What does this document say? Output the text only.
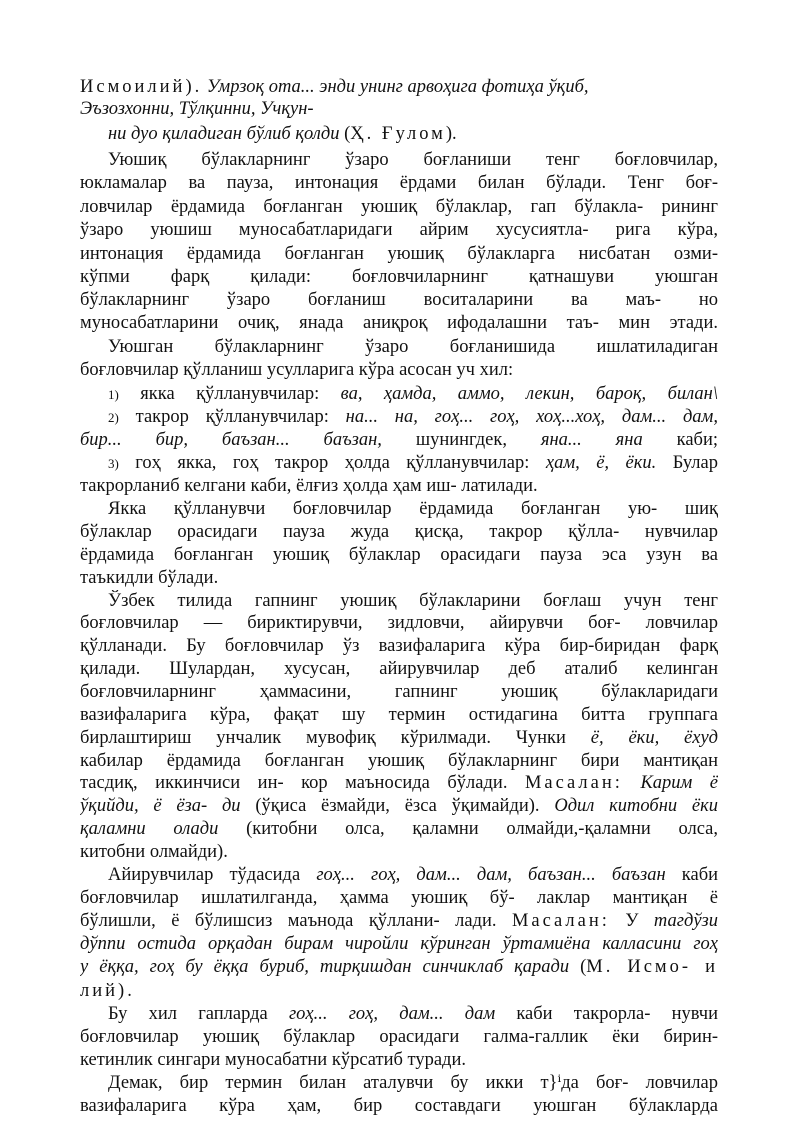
Исмоилий). Умрзоқ ота... энди унинг арвоҳига фотиҳа ўқиб,
Эъзозхонни, Тўлқинни, Учқун-
ни дуо қиладиган бўлиб қолди (Ҳ. Ғулом).
Уюшиқ бўлакларнинг ўзаро боғланиши тенг боғловчилар,
юкламалар ва пауза, интонация ёрдами билан бўлади. Тенг боғ-
ловчилар ёрдамида боғланган уюшиқ бўлаклар, гап бўлакла- рининг
ўзаро уюшиш муносабатларидаги айрим хусусиятла- рига кўра,
интонация ёрдамида боғланган уюшиқ бўлакларга нисбатан озми-
кўпми фарқ қилади: боғловчиларнинг қатнашуви уюшган
бўлакларнинг ўзаро боғланиш воситаларини ва маъ- но
муносабатларини очиқ, янада аниқроқ ифодалашни таъ- мин этади.
Уюшган бўлакларнинг ўзаро боғланишида ишлатиладиган
боғловчилар қўлланиш усулларига кўра асосан уч хил:
1) якка қўлланувчилар: ва, ҳамда, аммо, лекин, бароқ, билан\
2) такрор қўлланувчилар: на... на, гоҳ... гоҳ, хоҳ...хоҳ, дам... дам,
бир... бир, баъзан... баъзан, шунингдек, яна... яна каби;
3) гоҳ якка, гоҳ такрор ҳолда қўлланувчилар: ҳам, ё, ёки. Булар
такрорланиб келгани каби, ёлғиз ҳолда ҳам иш- латилади.
Якка қўлланувчи боғловчилар ёрдамида боғланган ую- шиқ
бўлаклар орасидаги пауза жуда қисқа, такрор қўлла- нувчилар
ёрдамида боғланган уюшиқ бўлаклар орасидаги пауза эса узун ва
таъкидли бўлади.
Ўзбек тилида гапнинг уюшиқ бўлакларини боғлаш учун тенг
боғловчилар — бириктирувчи, зидловчи, айирувчи боғ- ловчилар
қўлланади. Бу боғловчилар ўз вазифаларига кўра бир-биридан фарқ
қилади. Шулардан, хусусан, айирувчилар деб аталиб келинган
боғловчиларнинг ҳаммасини, гапнинг уюшиқ бўлакларидаги
вазифаларига кўра, фақат шу термин остидагина битта группага
бирлаштириш унчалик мувофиқ кўрилмади. Чунки ё, ёки, ёхуд
кабилар ёрдамида боғланган уюшиқ бўлакларнинг бири мантиқан
тасдиқ, иккинчиси ин- кор маъносида бўлади. Масалан: Карим ё
ўқийди, ё ёза- ди (ўқиса ёзмайди, ёзса ўқимайди). Одил китобни ёки
қаламни олади (китобни олса, қаламни олмайди,-қаламни олса,
китобни олмайди).
Айирувчилар тўдасида гоҳ... гоҳ, дам... дам, баъзан... баъзан каби
боғловчилар ишлатилганда, ҳамма уюшиқ бў- лаклар мантиқан ё
бўлишли, ё бўлишсиз маънода қўллани- лади. Масалан: У тагдўзи
дўппи остида орқадан бирам чиройли кўринган ўртамиёна калласини гоҳ
у ёққа, гоҳ бу ёққа буриб, тирқишдан синчиклаб қаради (М. Исмо- и
лий).
Бу хил гапларда гоҳ... гоҳ, дам... дам каби такрорла- нувчи
боғловчилар уюшиқ бўлаклар орасидаги галма-галлик ёки бирин-
кетинлик сингари муносабатни кўрсатиб туради.
Демак, бир термин билан аталувчи бу икки т}ⁱда боғ- ловчилар
вазифаларига кўра ҳам, бир составдаги уюшган бўлакларда
